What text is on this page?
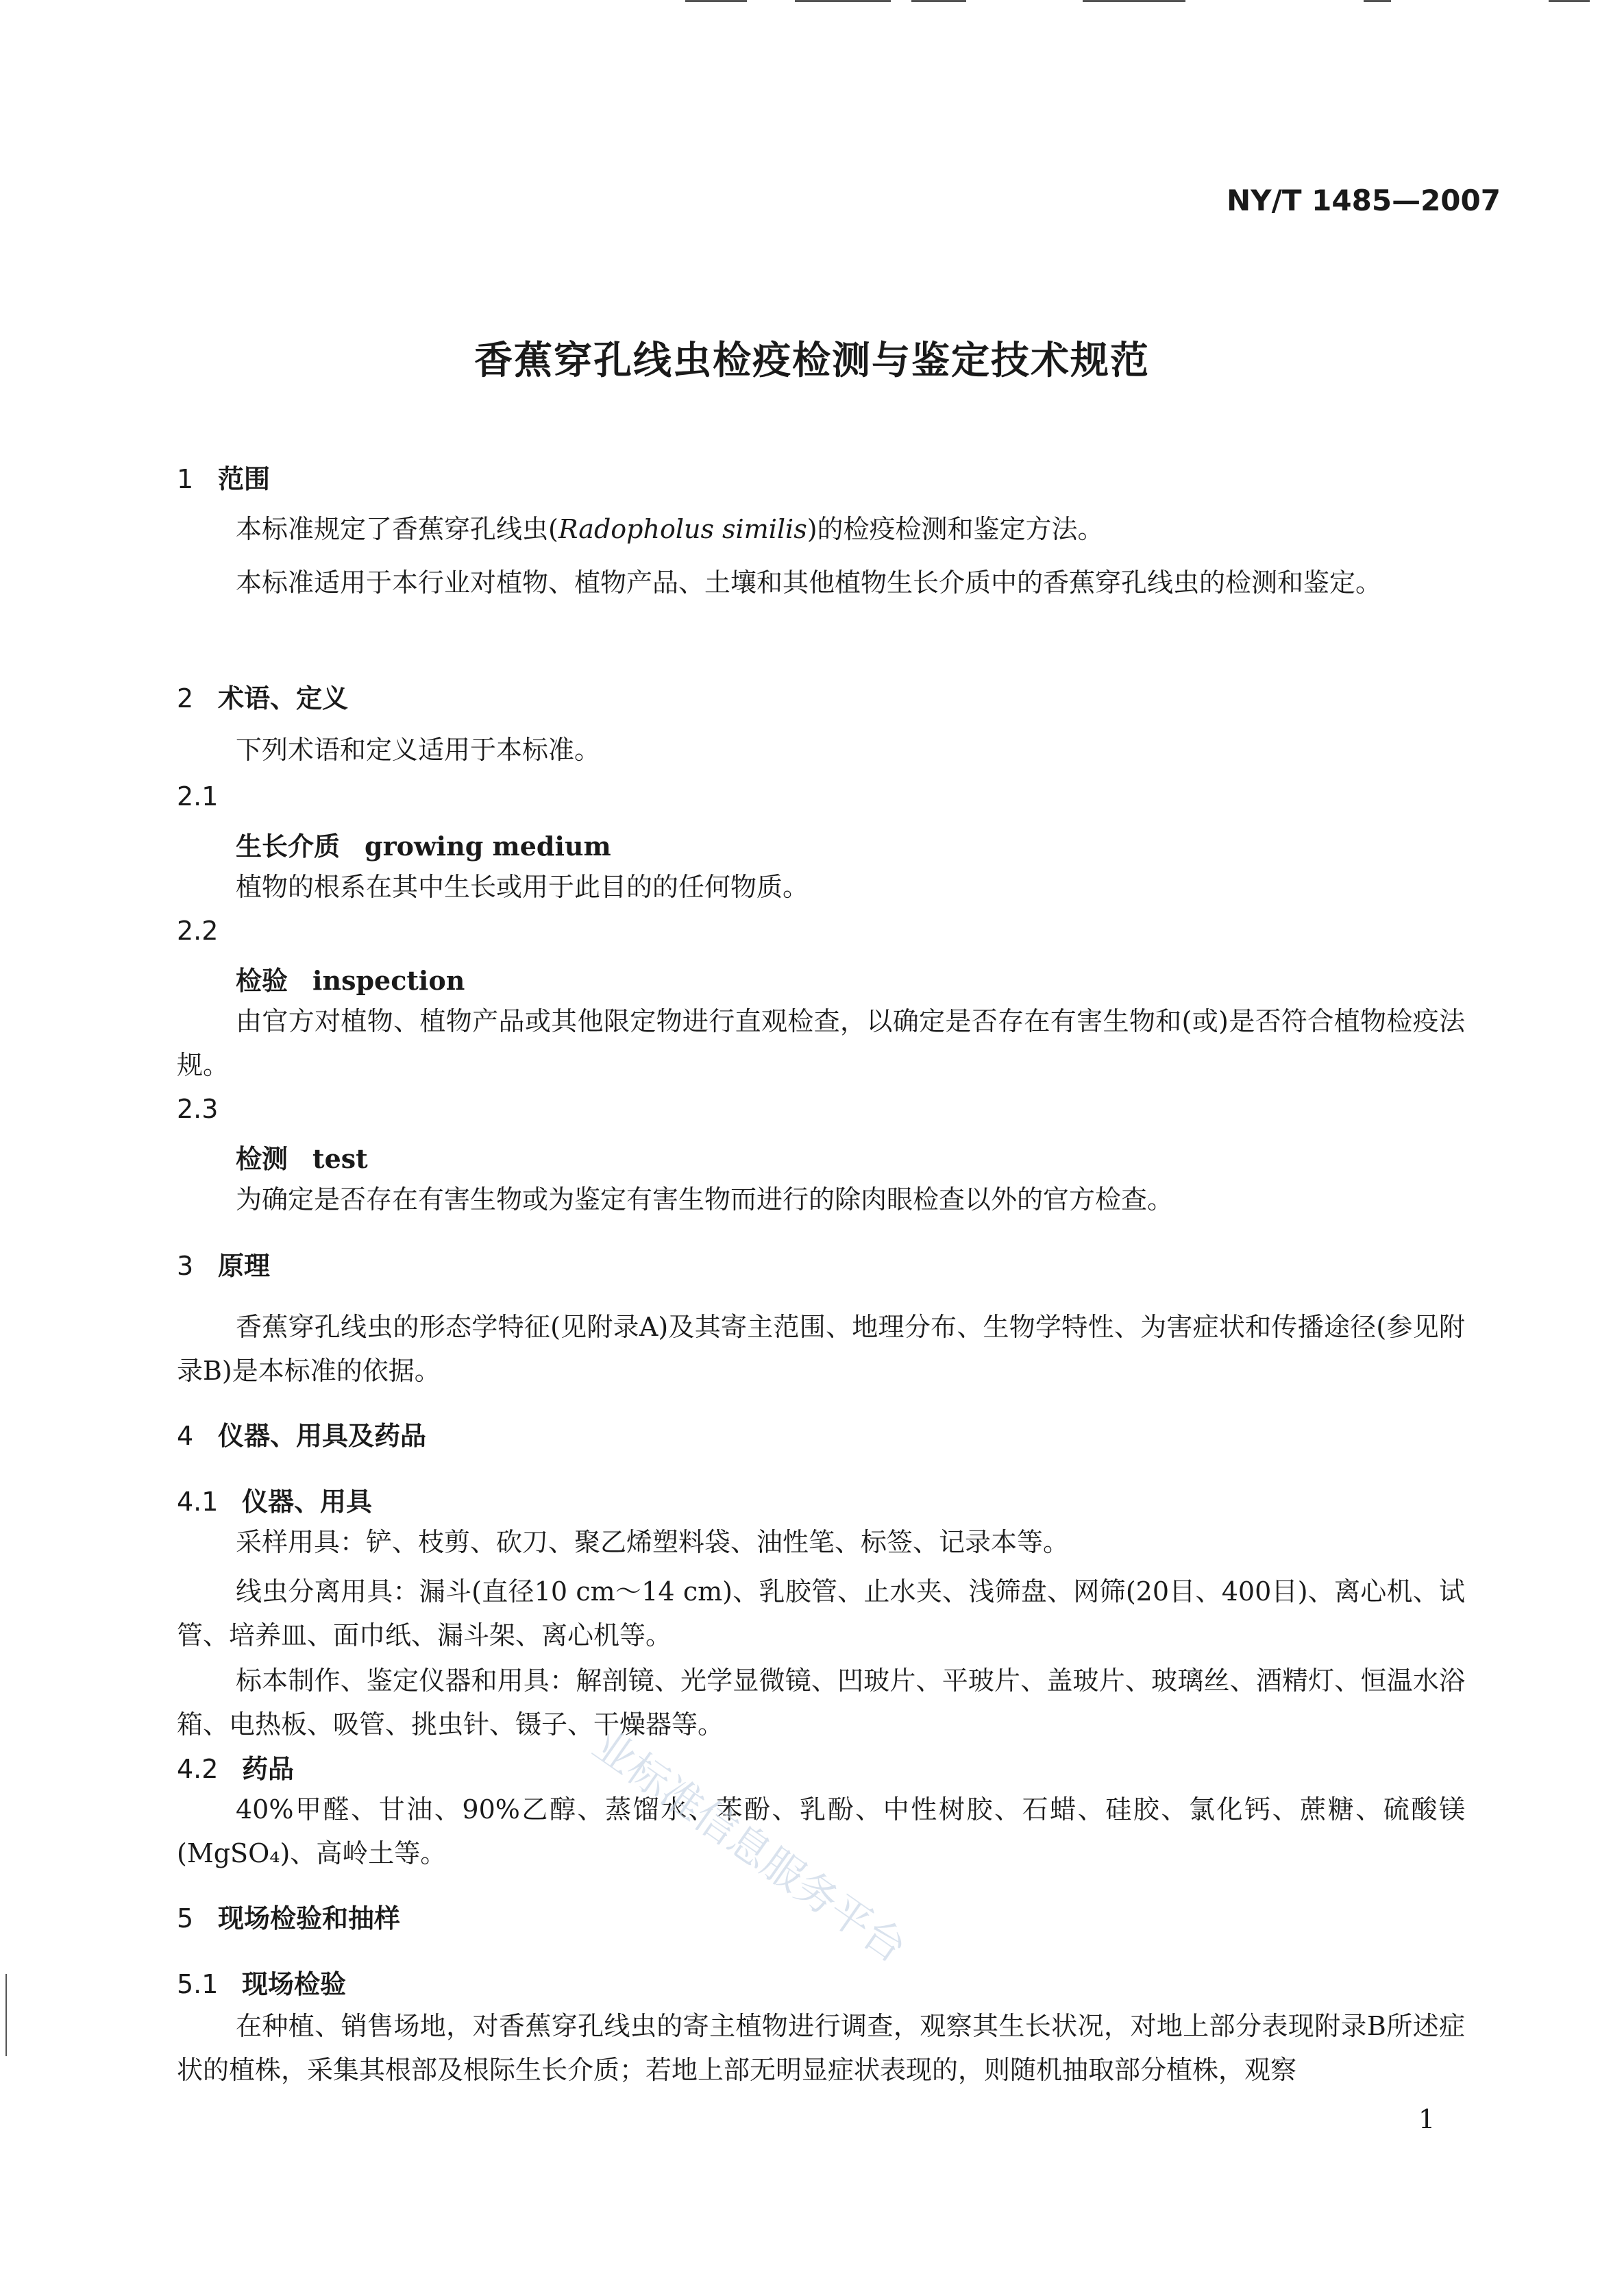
NY/T 1485—2007
香蕉穿孔线虫检疫检测与鉴定技术规范
1 范围
本标准规定了香蕉穿孔线虫(Radopholus similis)的检疫检测和鉴定方法。
本标准适用于本行业对植物、植物产品、土壤和其他植物生长介质中的香蕉穿孔线虫的检测和鉴定。
2 术语、定义
下列术语和定义适用于本标准。
2.1
生长介质 growing medium
植物的根系在其中生长或用于此目的的任何物质。
2.2
检验 inspection
由官方对植物、植物产品或其他限定物进行直观检查，以确定是否存在有害生物和(或)是否符合植物检疫法规。
2.3
检测 test
为确定是否存在有害生物或为鉴定有害生物而进行的除肉眼检查以外的官方检查。
3 原理
香蕉穿孔线虫的形态学特征(见附录A)及其寄主范围、地理分布、生物学特性、为害症状和传播途径(参见附录B)是本标准的依据。
4 仪器、用具及药品
4.1 仪器、用具
采样用具：铲、枝剪、砍刀、聚乙烯塑料袋、油性笔、标签、记录本等。
线虫分离用具：漏斗(直径10 cm～14 cm)、乳胶管、止水夹、浅筛盘、网筛(20目、400目)、离心机、试管、培养皿、面巾纸、漏斗架、离心机等。
标本制作、鉴定仪器和用具：解剖镜、光学显微镜、凹玻片、平玻片、盖玻片、玻璃丝、酒精灯、恒温水浴箱、电热板、吸管、挑虫针、镊子、干燥器等。
4.2 药品
40%甲醛、甘油、90%乙醇、蒸馏水、苯酚、乳酚、中性树胶、石蜡、硅胶、氯化钙、蔗糖、硫酸镁(MgSO₄)、高岭土等。
5 现场检验和抽样
5.1 现场检验
在种植、销售场地，对香蕉穿孔线虫的寄主植物进行调查，观察其生长状况，对地上部分表现附录B所述症状的植株，采集其根部及根际生长介质；若地上部无明显症状表现的，则随机抽取部分植株，观察
1
业标准信息服务平台
